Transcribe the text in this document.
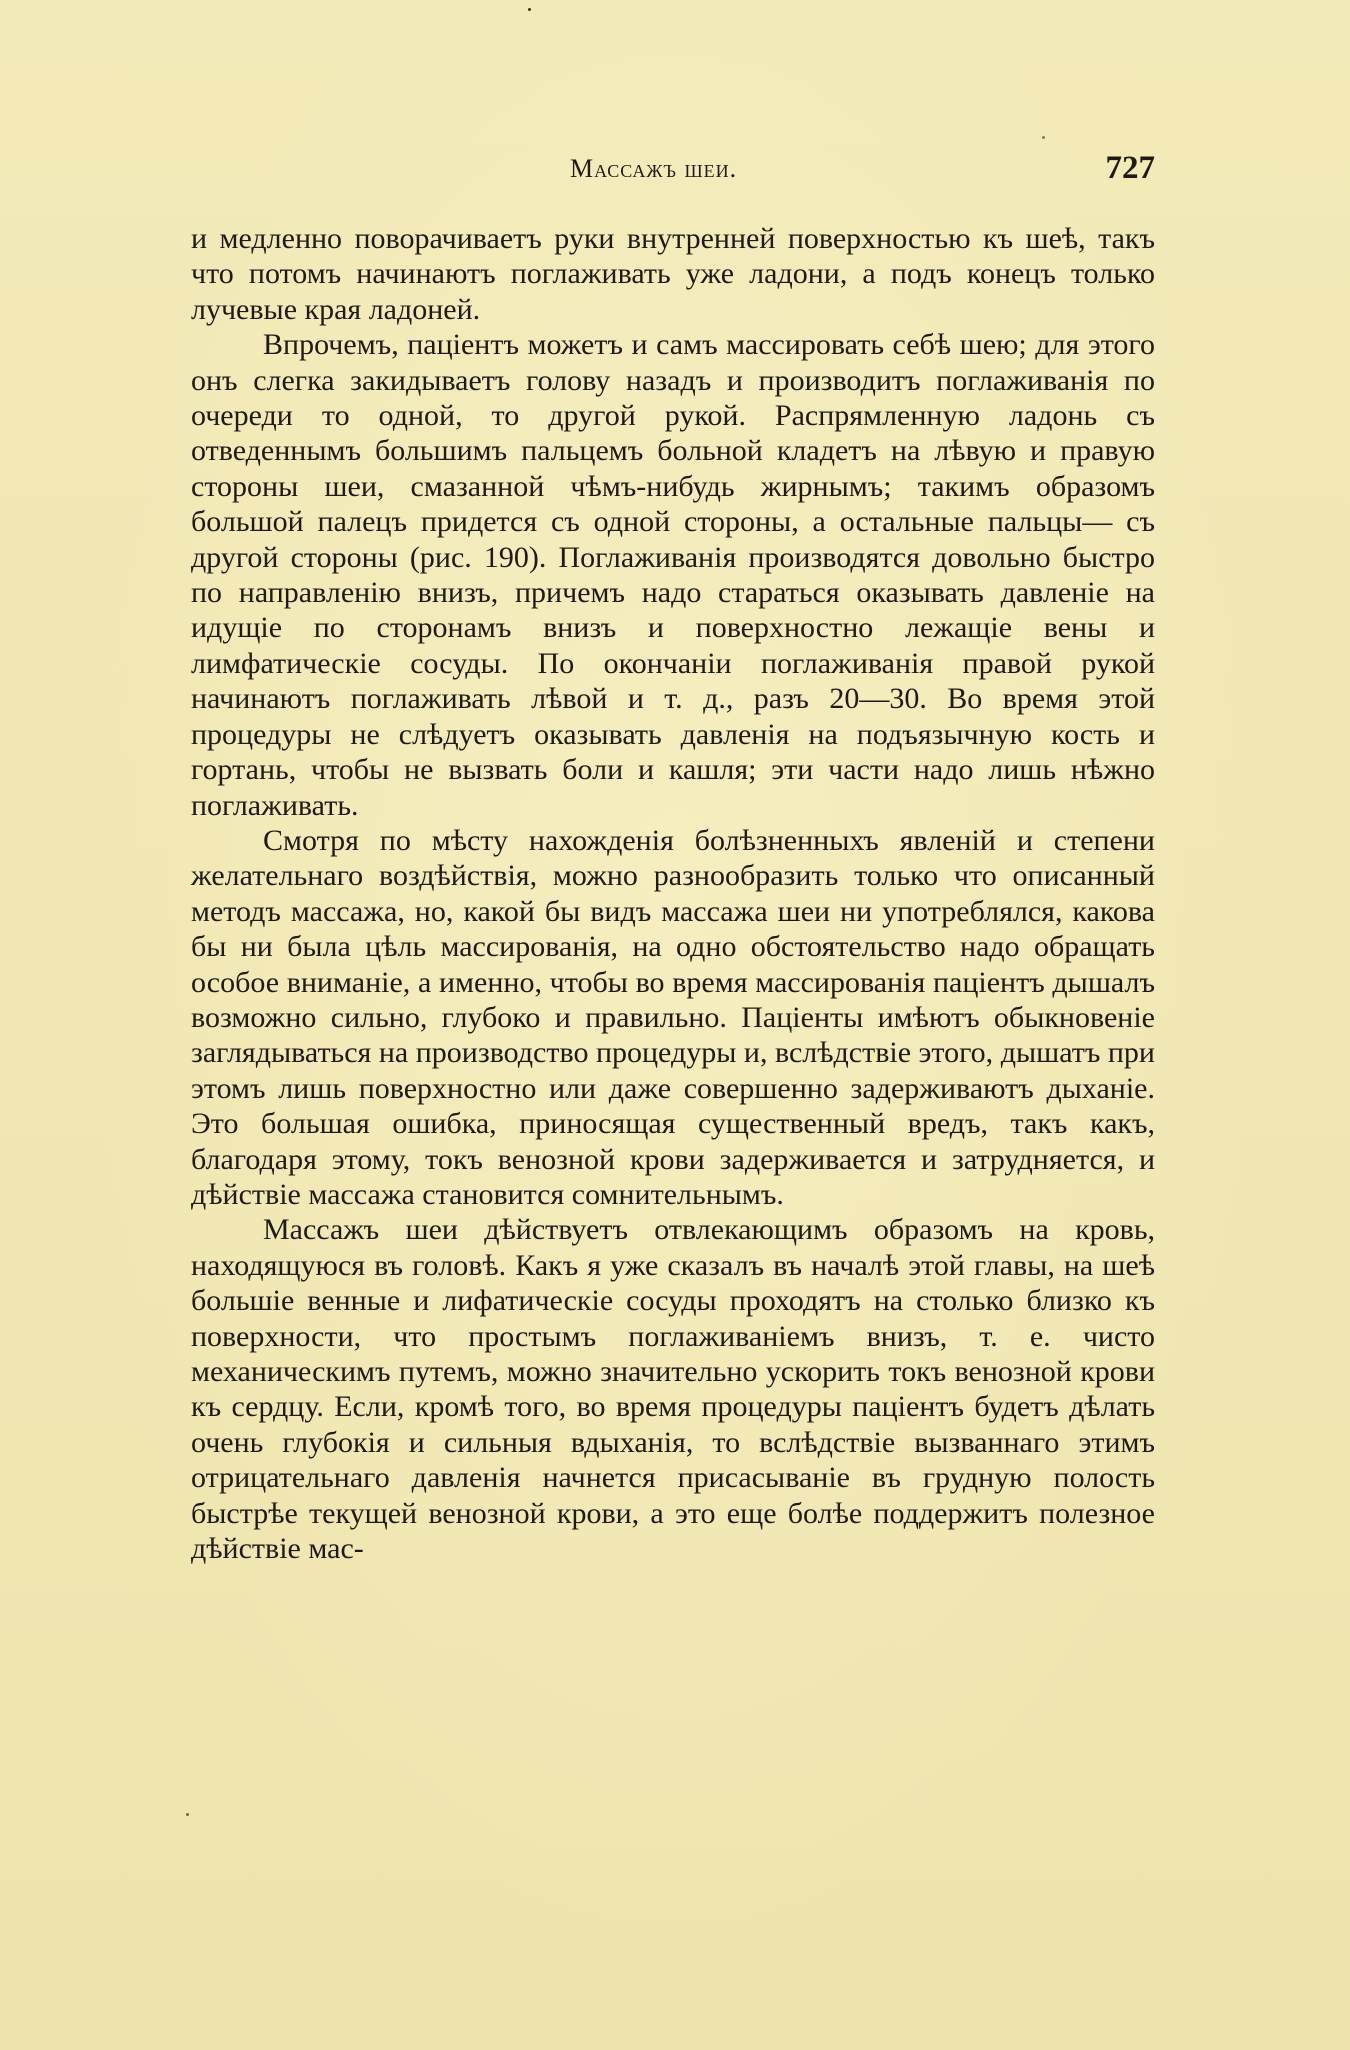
Массажъ шеи.	727

и медленно поворачиваетъ руки внутренней поверхностью къ шеѣ, такъ что потомъ начинаютъ поглаживать уже ладони, а подъ конецъ только лучевые края ладоней.

Впрочемъ, паціентъ можетъ и самъ массировать себѣ шею; для этого онъ слегка закидываетъ голову назадъ и производитъ поглаживанія по очереди то одной, то другой рукой. Распрямленную ладонь съ отведеннымъ большимъ пальцемъ больной кладетъ на лѣвую и правую стороны шеи, смазанной чѣмъ-нибудь жирнымъ; такимъ образомъ большой палецъ придется съ одной стороны, а остальные пальцы— съ другой стороны (рис. 190). Поглаживанія производятся довольно быстро по направленію внизъ, причемъ надо стараться оказывать давленіе на идущіе по сторонамъ внизъ и поверхностно лежащіе вены и лимфатическіе сосуды. По окончаніи поглаживанія правой рукой начинаютъ поглаживать лѣвой и т. д., разъ 20—30. Во время этой процедуры не слѣдуетъ оказывать давленія на подъязычную кость и гортань, чтобы не вызвать боли и кашля; эти части надо лишь нѣжно поглаживать.

Смотря по мѣсту нахожденія болѣзненныхъ явленій и степени желательнаго воздѣйствія, можно разнообразить только что описанный методъ массажа, но, какой бы видъ массажа шеи ни употреблялся, какова бы ни была цѣль массированія, на одно обстоятельство надо обращать особое вниманіе, а именно, чтобы во время массированія паціентъ дышалъ возможно сильно, глубоко и правильно. Паціенты имѣютъ обыкновеніе заглядываться на производство процедуры и, вслѣдствіе этого, дышатъ при этомъ лишь поверхностно или даже совершенно задерживаютъ дыханіе. Это большая ошибка, приносящая существенный вредъ, такъ какъ, благодаря этому, токъ венозной крови задерживается и затрудняется, и дѣйствіе массажа становится сомнительнымъ.

Массажъ шеи дѣйствуетъ отвлекающимъ образомъ на кровь, находящуюся въ головѣ. Какъ я уже сказалъ въ началѣ этой главы, на шеѣ большіе венные и лифатическіе сосуды проходятъ на столько близко къ поверхности, что простымъ поглаживаніемъ внизъ, т. е. чисто механическимъ путемъ, можно значительно ускорить токъ венозной крови къ сердцу. Если, кромѣ того, во время процедуры паціентъ будетъ дѣлать очень глубокія и сильныя вдыханія, то вслѣдствіе вызваннаго этимъ отрицательнаго давленія начнется присасываніе въ грудную полость быстрѣе текущей венозной крови, а это еще болѣе поддержитъ полезное дѣйствіе мас-
